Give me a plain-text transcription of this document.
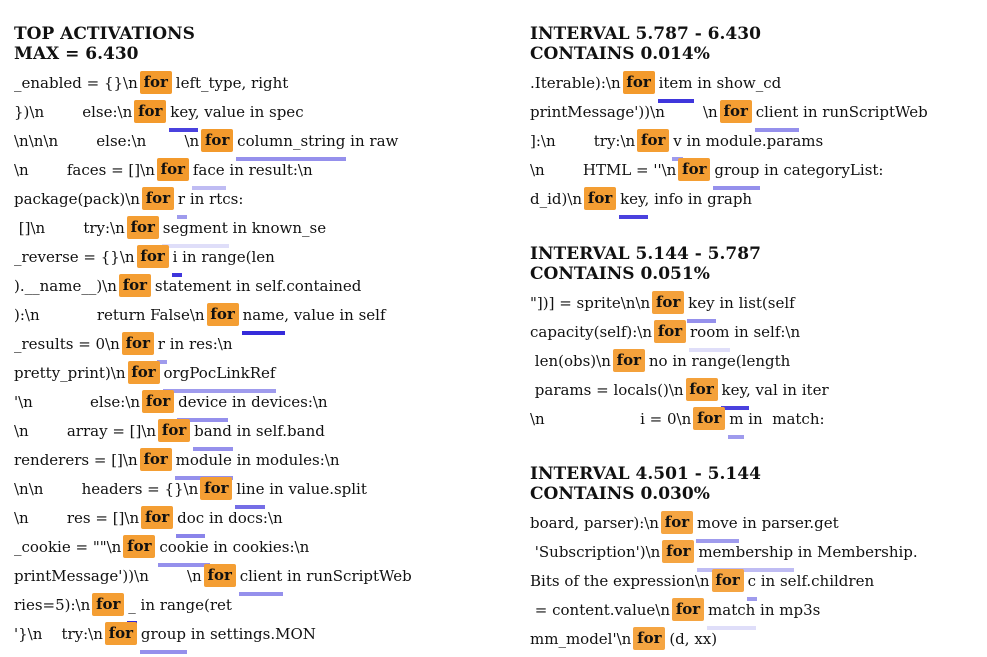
TOP ACTIVATIONS
MAX = 6.430
_enabled = {}\n for left_type, right
})\n        else:\n for key, value in spec
\n\n\n        else:\n        \n for column_string in raw
\n        faces = []\n for face in result:\n
package(pack)\n for r in rtcs:
[]\n        try:\n for segment in known_se
_reverse = {}\n for i in range(len
).__name__)\n for statement in self.contained
):\n            return False\n for name, value in self
_results = 0\n for r in res:\n
pretty_print)\n for orgPocLinkRef
'\n            else:\n for device in devices:\n
\n        array = []\n for band in self.band
renderers = []\n for module in modules:\n
\n\n        headers = {}\n for line in value.split
\n        res = []\n for doc in docs:\n
_cookie = ""\n for cookie in cookies:\n
printMessage'))\n        \n for client in runScriptWeb
ries=5):\n for _ in range(ret
'}\n    try:\n for group in settings.MON
INTERVAL 5.787 - 6.430
CONTAINS 0.014%
.Iterable):\n for item in show_cd
printMessage'))\n        \n for client in runScriptWeb
]:\n        try:\n for v in module.params
\n        HTML = ''\n for group in categoryList:
d_id)\n for key, info in graph
INTERVAL 5.144 - 5.787
CONTAINS 0.051%
"])] = sprite\n\n for key in list(self
capacity(self):\n for room in self:\n
len(obs)\n for no in range(length
params = locals()\n for key, val in iter
\n                    i = 0\n for m in  match:
INTERVAL 4.501 - 5.144
CONTAINS 0.030%
board, parser):\n for move in parser.get
'Subscription')\n for membership in Membership.
Bits of the expression\n for c in self.children
= content.value\n for match in mp3s
mm_model'\n for (d, xx)
